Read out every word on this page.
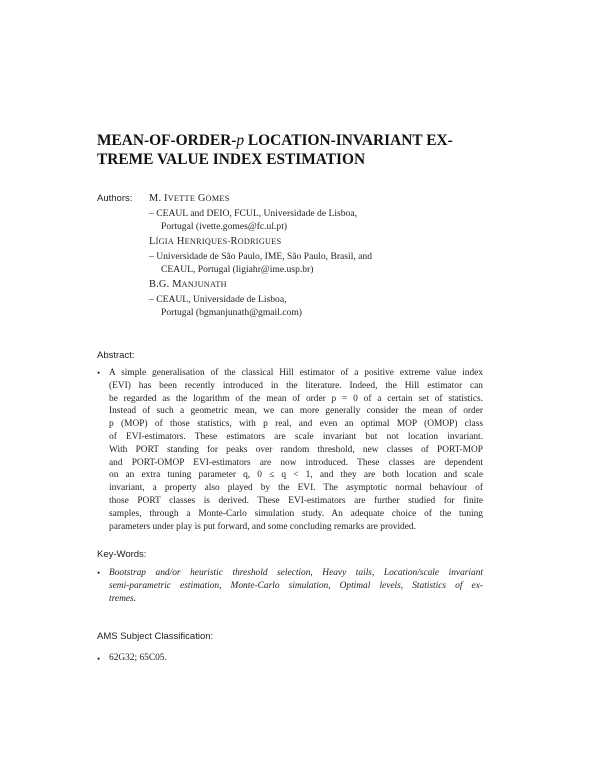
MEAN-OF-ORDER-p LOCATION-INVARIANT EX-
TREME VALUE INDEX ESTIMATION
Authors: M. IVETTE GOMES
– CEAUL and DEIO, FCUL, Universidade de Lisboa,
Portugal (ivette.gomes@fc.ul.pt)
LÍGIA HENRIQUES-RODRIGUES
– Universidade de São Paulo, IME, São Paulo, Brasil, and
CEAUL, Portugal (ligiahr@ime.usp.br)
B.G. MANJUNATH
– CEAUL, Universidade de Lisboa,
Portugal (bgmanjunath@gmail.com)
Abstract:
• A simple generalisation of the classical Hill estimator of a positive extreme value index
(EVI) has been recently introduced in the literature. Indeed, the Hill estimator can
be regarded as the logarithm of the mean of order p = 0 of a certain set of statistics.
Instead of such a geometric mean, we can more generally consider the mean of order
p (MOP) of those statistics, with p real, and even an optimal MOP (OMOP) class
of EVI-estimators. These estimators are scale invariant but not location invariant.
With PORT standing for peaks over random threshold, new classes of PORT-MOP
and PORT-OMOP EVI-estimators are now introduced. These classes are dependent
on an extra tuning parameter q, 0 ≤ q < 1, and they are both location and scale
invariant, a property also played by the EVI. The asymptotic normal behaviour of
those PORT classes is derived. These EVI-estimators are further studied for finite
samples, through a Monte-Carlo simulation study. An adequate choice of the tuning
parameters under play is put forward, and some concluding remarks are provided.
Key-Words:
• Bootstrap and/or heuristic threshold selection, Heavy tails, Location/scale invariant
semi-parametric estimation, Monte-Carlo simulation, Optimal levels, Statistics of ex-
tremes.
AMS Subject Classification:
• 62G32; 65C05.
